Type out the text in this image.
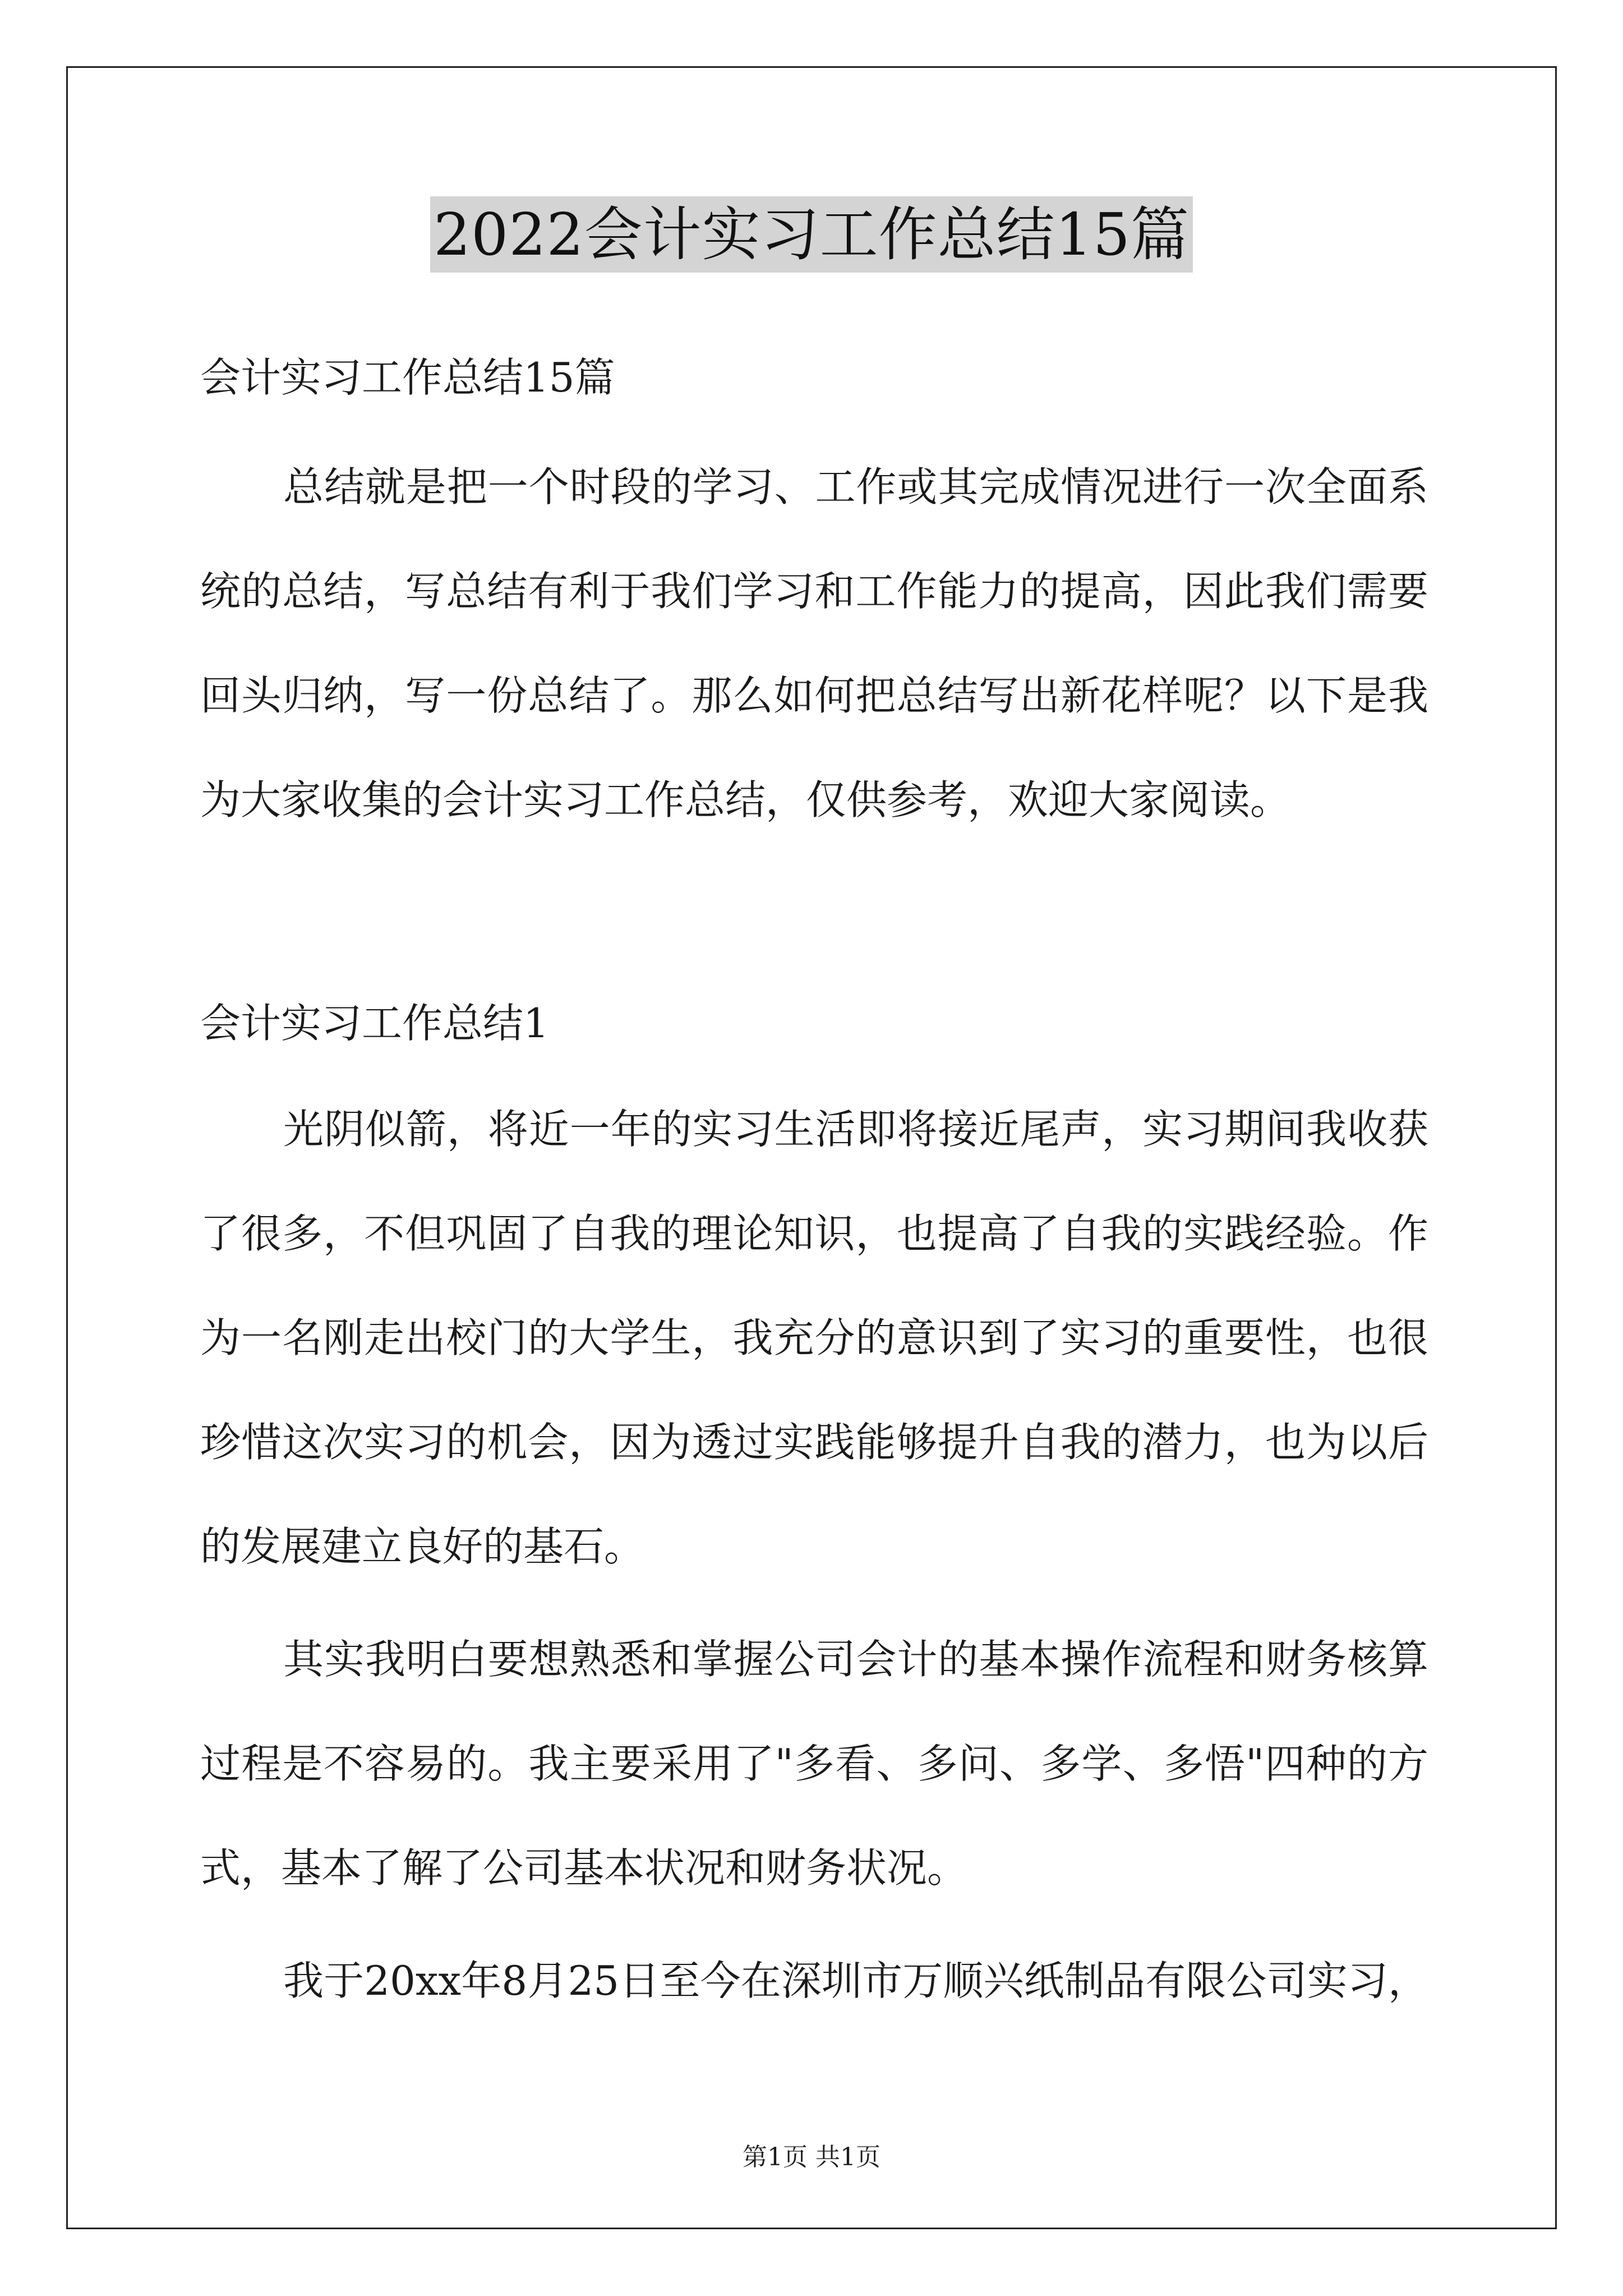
2022会计实习工作总结15篇
会计实习工作总结15篇
总结就是把一个时段的学习、工作或其完成情况进行一次全面系
统的总结，写总结有利于我们学习和工作能力的提高，因此我们需要
回头归纳，写一份总结了。那么如何把总结写出新花样呢？以下是我
为大家收集的会计实习工作总结，仅供参考，欢迎大家阅读。
会计实习工作总结1
光阴似箭，将近一年的实习生活即将接近尾声，实习期间我收获
了很多，不但巩固了自我的理论知识，也提高了自我的实践经验。作
为一名刚走出校门的大学生，我充分的意识到了实习的重要性，也很
珍惜这次实习的机会，因为透过实践能够提升自我的潜力，也为以后
的发展建立良好的基石。
其实我明白要想熟悉和掌握公司会计的基本操作流程和财务核算
过程是不容易的。我主要采用了"多看、多问、多学、多悟"四种的方
式，基本了解了公司基本状况和财务状况。
我于20xx年8月25日至今在深圳市万顺兴纸制品有限公司实习，
第1页 共1页
